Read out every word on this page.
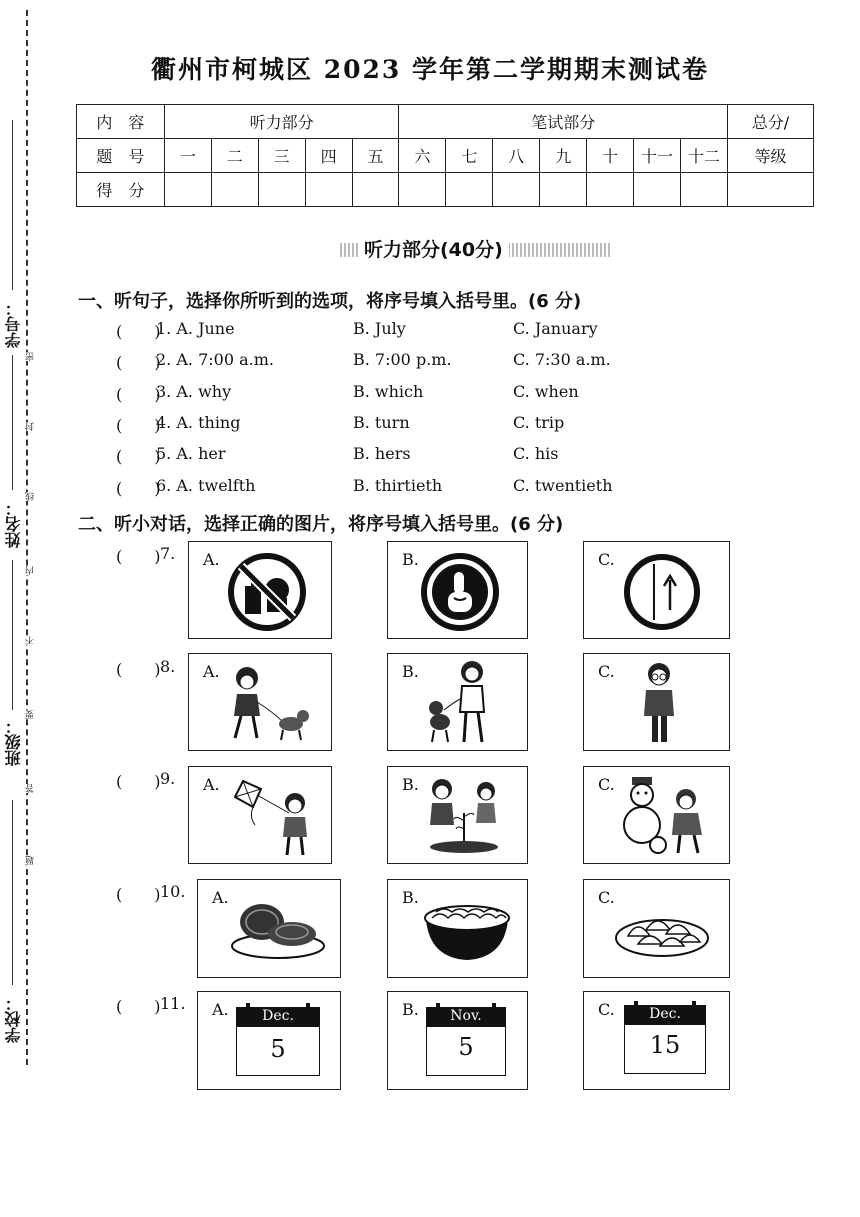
学号：
姓名：
班级：
学校：
密
封
线
内
不
要
答
题
衢州市柯城区 2023 学年第二学期期末测试卷
内　容	听力部分					笔试部分							总分/
题　号	一	二	三	四	五	六	七	八	九	十	十一	十二	等级
得　分													
听力部分(40分)
一、听句子，选择你所听到的选项，将序号填入括号里。(6 分)
(　　)
1. A. June	B. July	C. January
(　　)
2. A. 7:00 a.m.	B. 7:00 p.m.	C. 7:30 a.m.
(　　)
3. A. why	B. which	C. when
(　　)
4. A. thing	B. turn	C. trip
(　　)
5. A. her	B. hers	C. his
(　　)
6. A. twelfth	B. thirtieth	C. twentieth
二、听小对话，选择正确的图片，将序号填入括号里。(6 分)
(　　) 7. A.	B.	C.
(　　) 8. A.	B.	C.
(　　) 9. A.	B.	C.
(　　) 10. A.	B.	C.
(　　) 11. A.	Dec.
5
B.	Nov.
5
C.	Dec.
15
